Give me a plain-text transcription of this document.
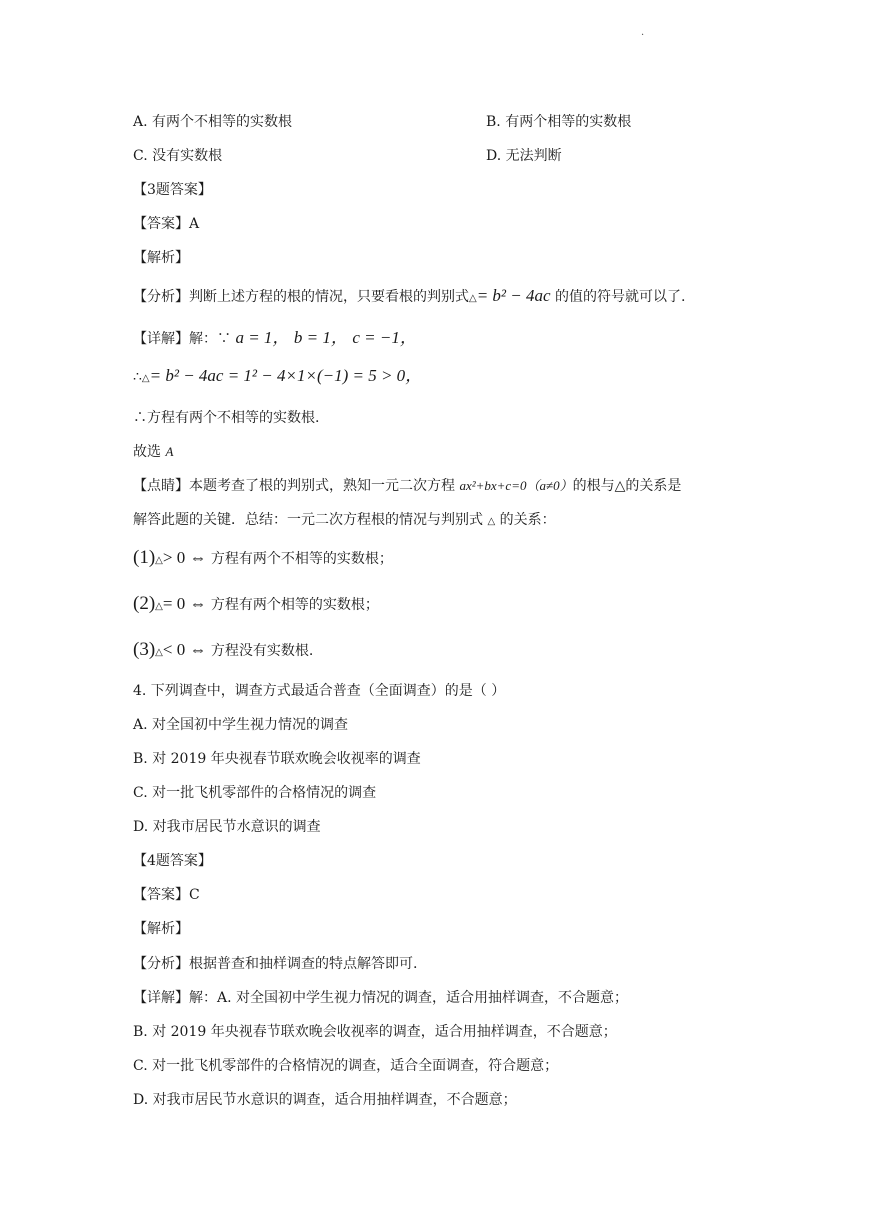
·
A. 有两个不相等的实数根	B. 有两个相等的实数根
C. 没有实数根	D. 无法判断
【3题答案】
【答案】A
【解析】
【分析】判断上述方程的根的情况，只要看根的判别式△= b² − 4ac 的值的符号就可以了.
【详解】解：∵ a = 1， b = 1， c = −1，
∴△= b² − 4ac = 1² − 4×1×(−1) = 5 > 0，
∴方程有两个不相等的实数根.
故选 A
【点睛】本题考查了根的判别式，熟知一元二次方程 ax²+bx+c=0（a≠0）的根与△的关系是
解答此题的关键．总结：一元二次方程根的情况与判别式 △ 的关系：
(1)△> 0 ⇔ 方程有两个不相等的实数根；
(2)△= 0 ⇔ 方程有两个相等的实数根；
(3)△< 0 ⇔ 方程没有实数根.
4. 下列调查中，调查方式最适合普查（全面调查）的是（ ）
A. 对全国初中学生视力情况的调查
B. 对 2019 年央视春节联欢晚会收视率的调查
C. 对一批飞机零部件的合格情况的调查
D. 对我市居民节水意识的调查
【4题答案】
【答案】C
【解析】
【分析】根据普查和抽样调查的特点解答即可.
【详解】解：A. 对全国初中学生视力情况的调查，适合用抽样调查，不合题意；
B. 对 2019 年央视春节联欢晚会收视率的调查，适合用抽样调查，不合题意；
C. 对一批飞机零部件的合格情况的调查，适合全面调查，符合题意；
D. 对我市居民节水意识的调查，适合用抽样调查，不合题意；
